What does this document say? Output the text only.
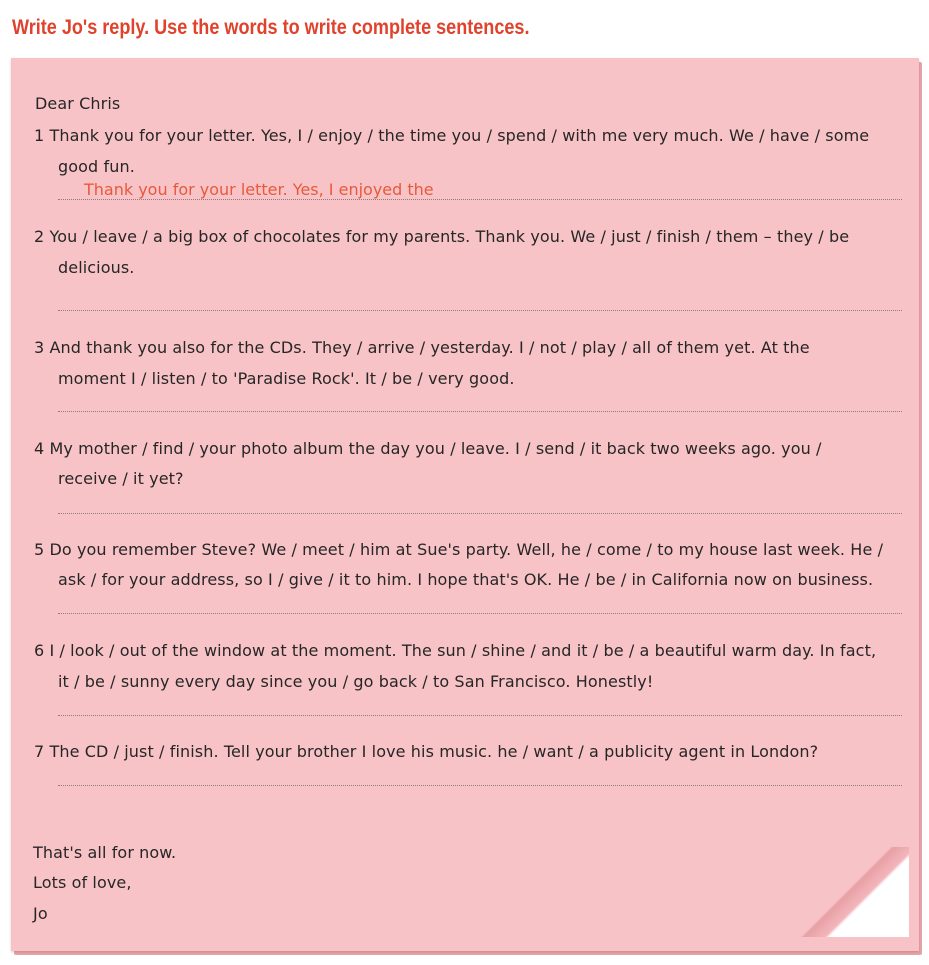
Write Jo's reply. Use the words to write complete sentences.
Dear Chris
1 Thank you for your letter. Yes, I / enjoy / the time you / spend / with me very much. We / have / some
good fun.
Thank you for your letter. Yes, I enjoyed the
2 You / leave / a big box of chocolates for my parents. Thank you. We / just / finish / them – they / be
delicious.
3 And thank you also for the CDs. They / arrive / yesterday. I / not / play / all of them yet. At the
moment I / listen / to 'Paradise Rock'. It / be / very good.
4 My mother / find / your photo album the day you / leave. I / send / it back two weeks ago. you /
receive / it yet?
5 Do you remember Steve? We / meet / him at Sue's party. Well, he / come / to my house last week. He /
ask / for your address, so I / give / it to him. I hope that's OK. He / be / in California now on business.
6 I / look / out of the window at the moment. The sun / shine / and it / be / a beautiful warm day. In fact,
it / be / sunny every day since you / go back / to San Francisco. Honestly!
7 The CD / just / finish. Tell your brother I love his music. he / want / a publicity agent in London?
That's all for now.
Lots of love,
Jo
